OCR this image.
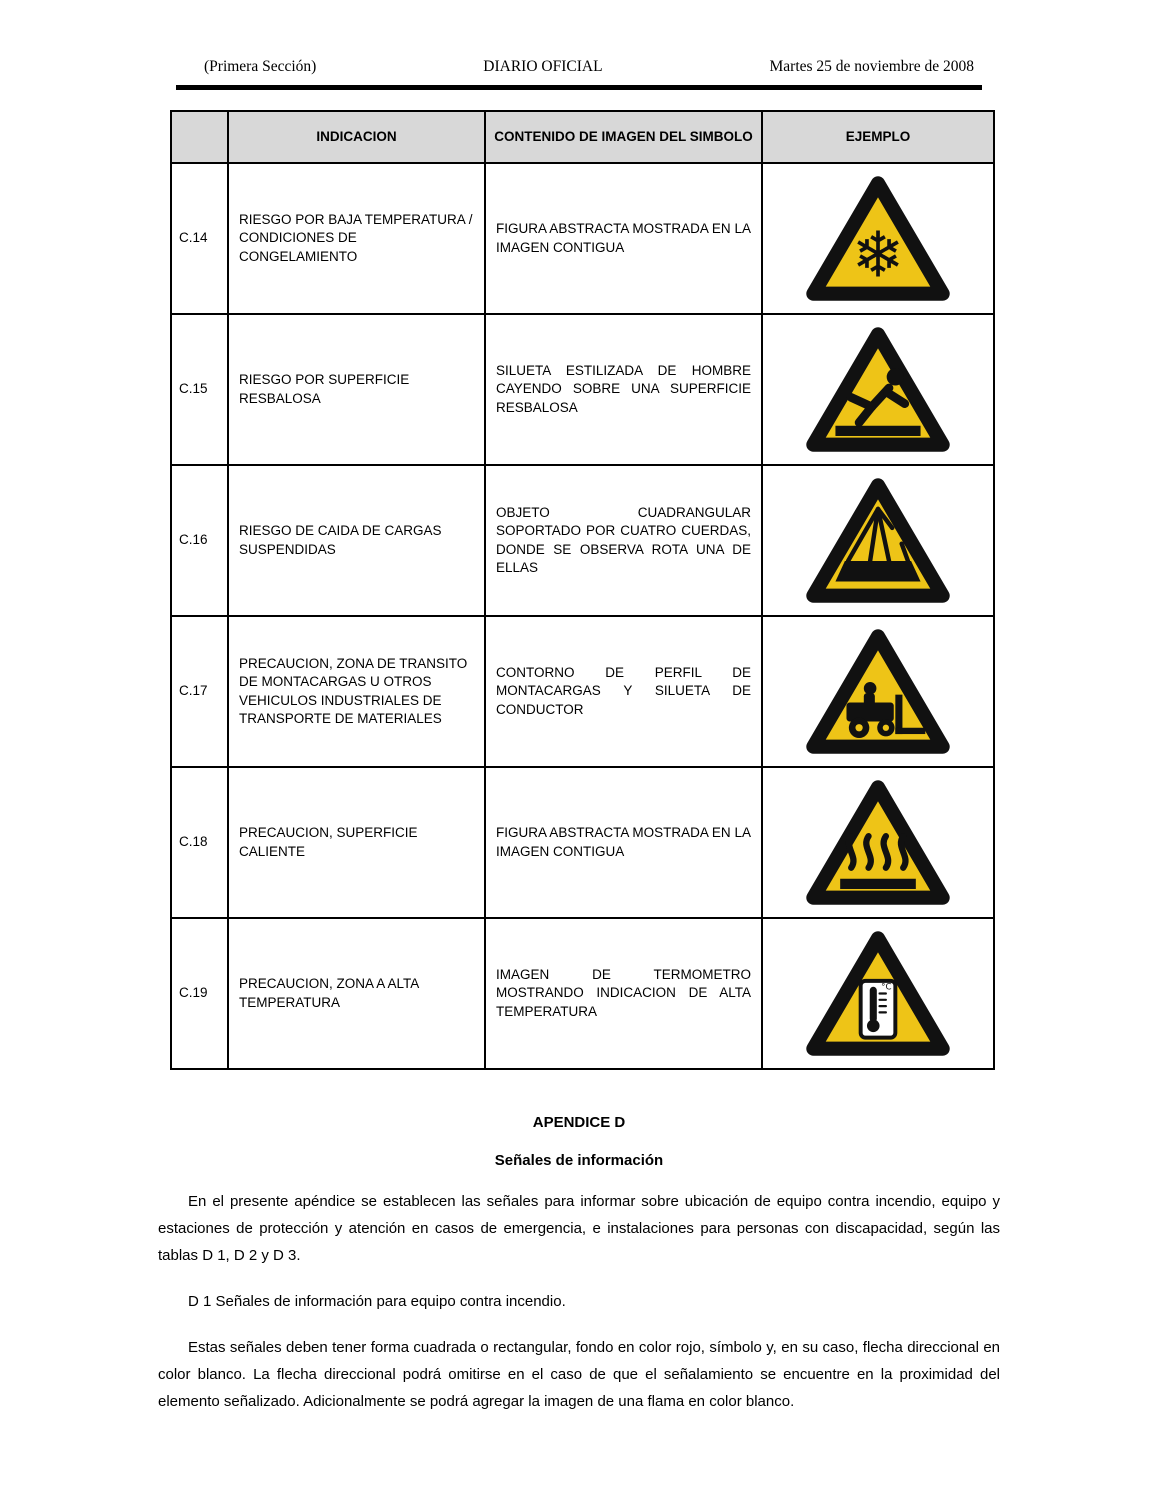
(Primera Sección)	DIARIO OFICIAL	Martes 25 de noviembre de 2008
	INDICACION	CONTENIDO DE IMAGEN DEL SIMBOLO	EJEMPLO
C.14	RIESGO POR BAJA TEMPERATURA / CONDICIONES DE CONGELAMIENTO	FIGURA ABSTRACTA MOSTRADA EN LA IMAGEN CONTIGUA	❄

C.15	RIESGO POR SUPERFICIE RESBALOSA	SILUETA ESTILIZADA DE HOMBRE CAYENDO SOBRE UNA SUPERFICIE RESBALOSA	

C.16	RIESGO DE CAIDA DE CARGAS SUSPENDIDAS	OBJETO CUADRANGULAR SOPORTADO POR CUATRO CUERDAS, DONDE SE OBSERVA ROTA UNA DE ELLAS	

C.17	PRECAUCION, ZONA DE TRANSITO DE MONTACARGAS U OTROS VEHICULOS INDUSTRIALES DE TRANSPORTE DE MATERIALES	CONTORNO DE PERFIL DE MONTACARGAS Y SILUETA DE CONDUCTOR	

C.18	PRECAUCION, SUPERFICIE CALIENTE	FIGURA ABSTRACTA MOSTRADA EN LA IMAGEN CONTIGUA	

C.19	PRECAUCION, ZONA A ALTA TEMPERATURA	IMAGEN DE TERMOMETRO MOSTRANDO INDICACION DE ALTA TEMPERATURA	°C
APENDICE D
Señales de información

En el presente apéndice se establecen las señales para informar sobre ubicación de equipo contra incendio, equipo y estaciones de protección y atención en casos de emergencia, e instalaciones para personas con discapacidad, según las tablas D 1, D 2 y D 3.

D 1 Señales de información para equipo contra incendio.

Estas señales deben tener forma cuadrada o rectangular, fondo en color rojo, símbolo y, en su caso, flecha direccional en color blanco. La flecha direccional podrá omitirse en el caso de que el señalamiento se encuentre en la proximidad del elemento señalizado. Adicionalmente se podrá agregar la imagen de una flama en color blanco.
